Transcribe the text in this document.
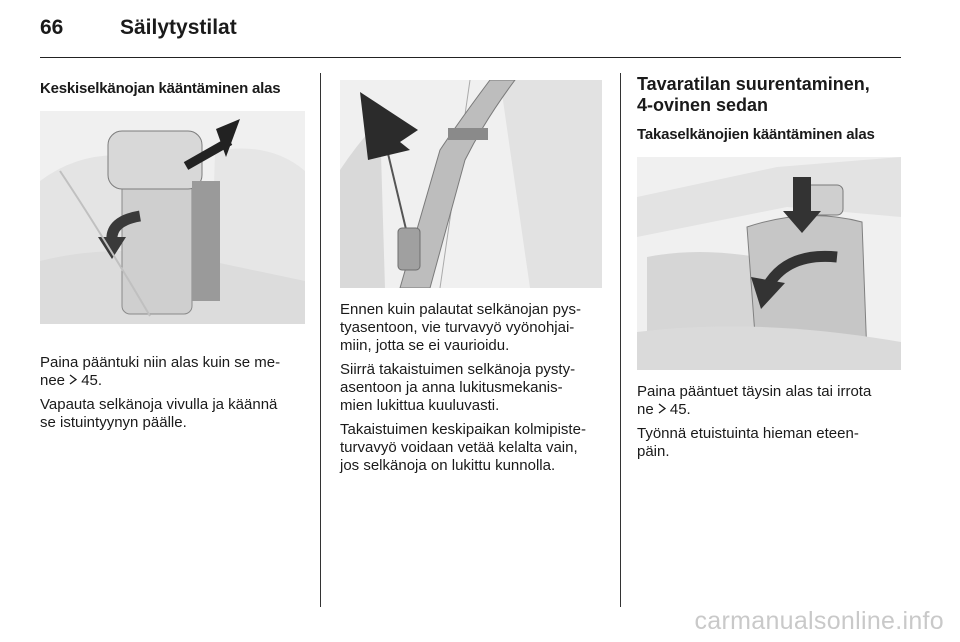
66	Säilytystilat
Keskiselkänojan kääntäminen alas

Paina pääntuki niin alas kuin se me-
nee 45.

Vapauta selkänoja vivulla ja käännä
se istuintyynyn päälle.

Ennen kuin palautat selkänojan pys-
tyasentoon, vie turvavyö vyönohjai-
miin, jotta se ei vaurioidu.

Siirrä takaistuimen selkänoja pysty-
asentoon ja anna lukitusmekanis-
mien lukittua kuuluvasti.

Takaistuimen keskipaikan kolmipiste-
turvavyö voidaan vetää kelalta vain,
jos selkänoja on lukittu kunnolla.

Tavaratilan suurentaminen,
4-ovinen sedan
Takaselkänojien kääntäminen alas

Paina pääntuet täysin alas tai irrota
ne 45.

Työnnä etuistuinta hieman eteen-
päin.

carmanualsonline.info
